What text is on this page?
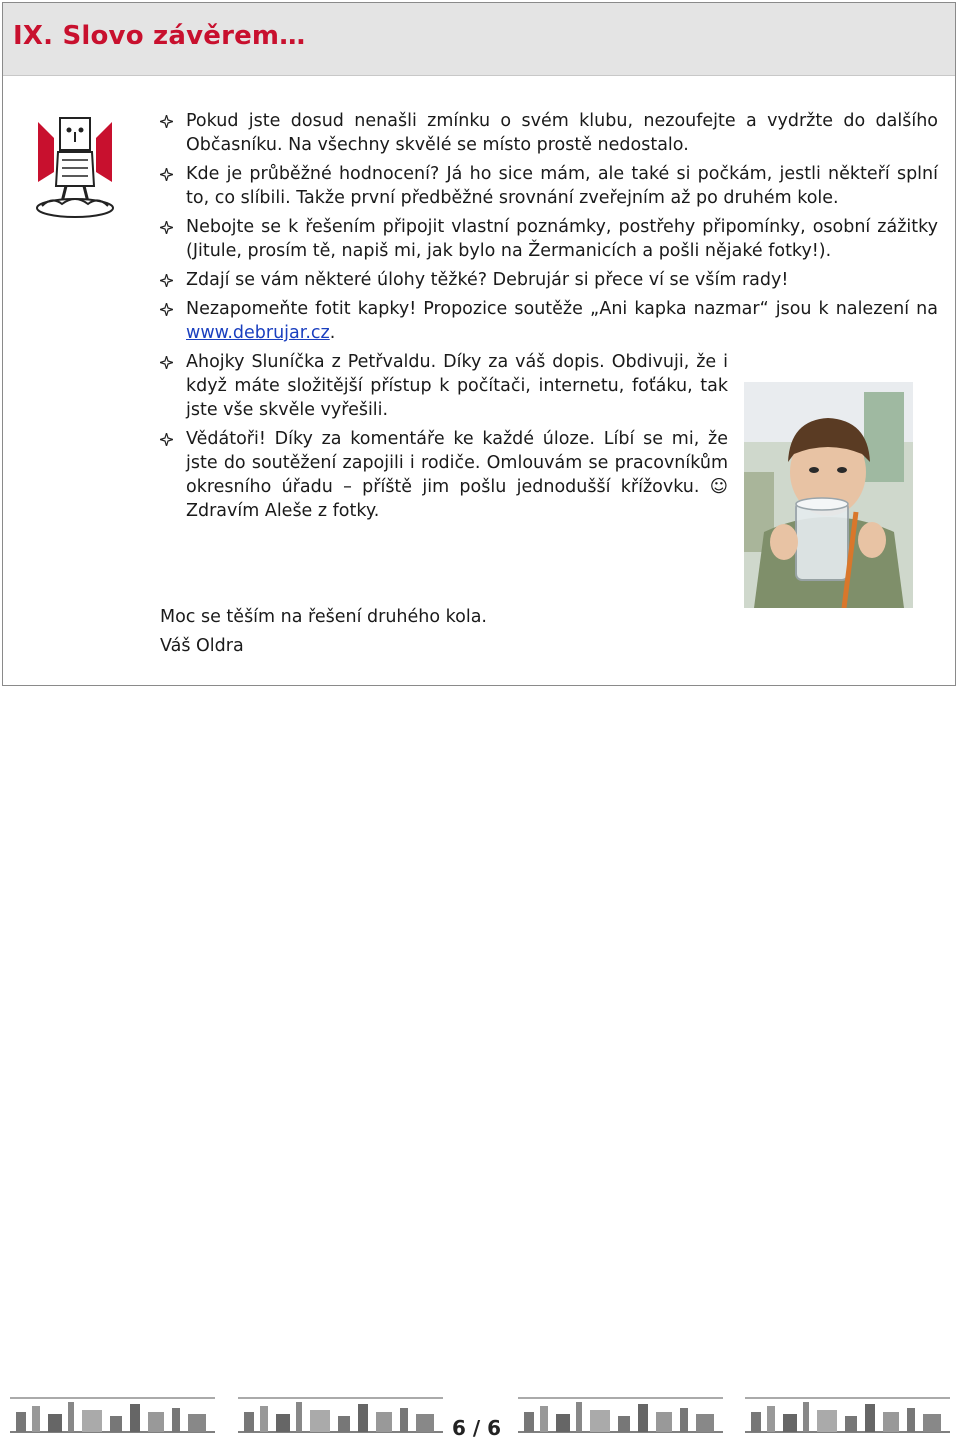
IX. Slovo závěrem…
Pokud jste dosud nenašli zmínku o svém klubu, nezoufejte a vydržte do dalšího Občasníku. Na všechny skvělé se místo prostě nedostalo.
Kde je průběžné hodnocení? Já ho sice mám, ale také si počkám, jestli někteří splní to, co slíbili. Takže první předběžné srovnání zveřejním až po druhém kole.
Nebojte se k řešením připojit vlastní poznámky, postřehy připomínky, osobní zážitky (Jitule, prosím tě, napiš mi, jak bylo na Žermanicích a pošli nějaké fotky!).
Zdají se vám některé úlohy těžké? Debrujár si přece ví se vším rady!
Nezapomeňte fotit kapky! Propozice soutěže „Ani kapka nazmar“ jsou k nalezení na www.debrujar.cz.
Ahojky Sluníčka z Petřvaldu. Díky za váš dopis. Obdivuji, že i když máte složitější přístup k počítači, internetu, foťáku, tak jste vše skvěle vyřešili.
Vědátoři! Díky za komentáře ke každé úloze. Líbí se mi, že jste do soutěžení zapojili i rodiče. Omlouvám se pracovníkům okresního úřadu – příště jim pošlu jednodušší křížovku. ☺ Zdravím Aleše z fotky.
Moc se těším na řešení druhého kola.
Váš Oldra
6 / 6
